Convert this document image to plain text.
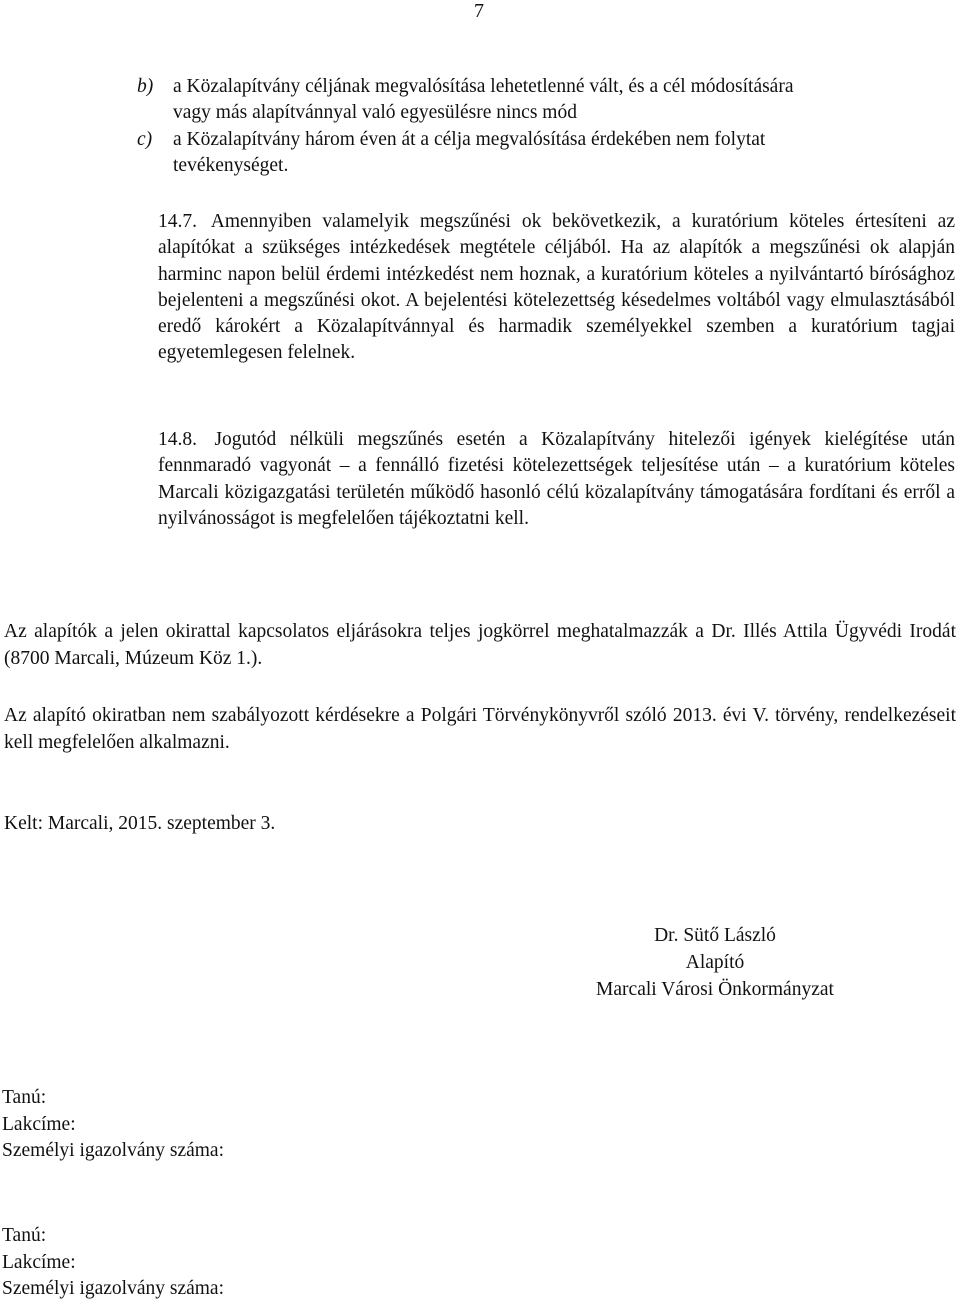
7
b) a Közalapítvány céljának megvalósítása lehetetlenné vált, és a cél módosítására
vagy más alapítvánnyal való egyesülésre nincs mód
c) a Közalapítvány három éven át a célja megvalósítása érdekében nem folytat
tevékenységet.
14.7. Amennyiben valamelyik megszűnési ok bekövetkezik, a kuratórium köteles értesíteni az alapítókat a szükséges intézkedések megtétele céljából. Ha az alapítók a megszűnési ok alapján harminc napon belül érdemi intézkedést nem hoznak, a kuratórium köteles a nyilvántartó bírósághoz bejelenteni a megszűnési okot. A bejelentési kötelezettség késedelmes voltából vagy elmulasztásából eredő károkért a Közalapítvánnyal és harmadik személyekkel szemben a kuratórium tagjai egyetemlegesen felelnek.
14.8. Jogutód nélküli megszűnés esetén a Közalapítvány hitelezői igények kielégítése után fennmaradó vagyonát – a fennálló fizetési kötelezettségek teljesítése után – a kuratórium köteles Marcali közigazgatási területén működő hasonló célú közalapítvány támogatására fordítani és erről a nyilvánosságot is megfelelően tájékoztatni kell.
Az alapítók a jelen okirattal kapcsolatos eljárásokra teljes jogkörrel meghatalmazzák a Dr. Illés Attila Ügyvédi Irodát (8700 Marcali, Múzeum Köz 1.).
Az alapító okiratban nem szabályozott kérdésekre a Polgári Törvénykönyvről szóló 2013. évi V. törvény, rendelkezéseit kell megfelelően alkalmazni.
Kelt: Marcali, 2015. szeptember 3.
Dr. Sütő László
Alapító
Marcali Városi Önkormányzat
Tanú:
Lakcíme:
Személyi igazolvány száma:
Tanú:
Lakcíme:
Személyi igazolvány száma:
